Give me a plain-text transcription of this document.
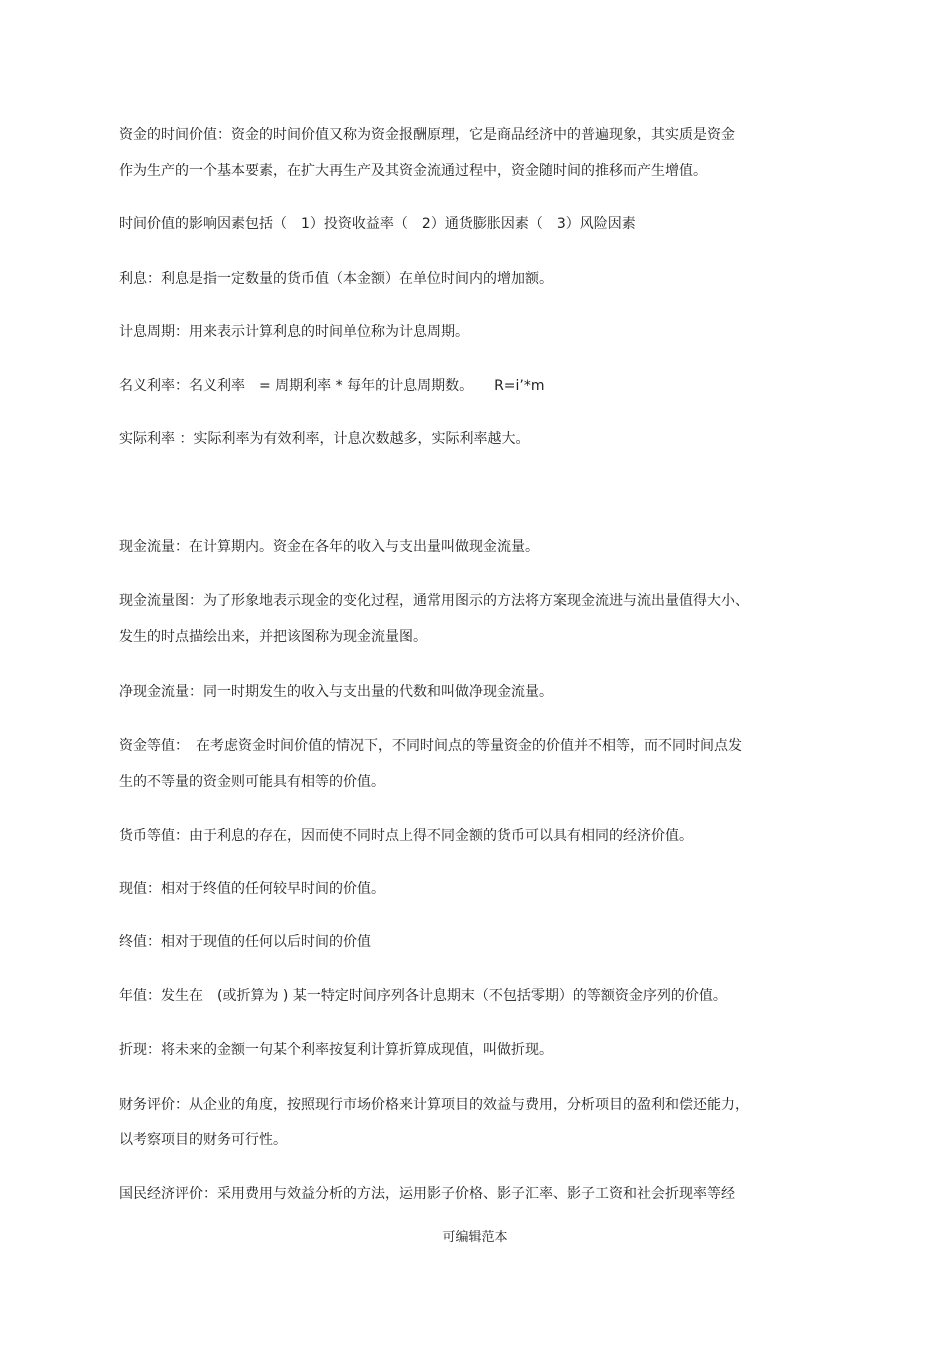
资金的时间价值：资金的时间价值又称为资金报酬原理，它是商品经济中的普遍现象，其实质是资金
作为生产的一个基本要素，在扩大再生产及其资金流通过程中，资金随时间的推移而产生增值。
时间价值的影响因素包括（　1）投资收益率（　2）通货膨胀因素（　3）风险因素
利息：利息是指一定数量的货币值（本金额）在单位时间内的增加额。
计息周期：用来表示计算利息的时间单位称为计息周期。
名义利率：名义利率　= 周期利率 * 每年的计息周期数。　　R=i’*m
实际利率 ：实际利率为有效利率，计息次数越多，实际利率越大。
现金流量：在计算期内。资金在各年的收入与支出量叫做现金流量。
现金流量图：为了形象地表示现金的变化过程，通常用图示的方法将方案现金流进与流出量值得大小、
发生的时点描绘出来，并把该图称为现金流量图。
净现金流量：同一时期发生的收入与支出量的代数和叫做净现金流量。
资金等值：　在考虑资金时间价值的情况下，不同时间点的等量资金的价值并不相等，而不同时间点发
生的不等量的资金则可能具有相等的价值。
货币等值：由于利息的存在，因而使不同时点上得不同金额的货币可以具有相同的经济价值。
现值：相对于终值的任何较早时间的价值。
终值：相对于现值的任何以后时间的价值
年值：发生在　(或折算为 ) 某一特定时间序列各计息期末（不包括零期）的等额资金序列的价值。
折现：将未来的金额一句某个利率按复利计算折算成现值，叫做折现。
财务评价：从企业的角度，按照现行市场价格来计算项目的效益与费用，分析项目的盈利和偿还能力，
以考察项目的财务可行性。
国民经济评价：采用费用与效益分析的方法，运用影子价格、影子汇率、影子工资和社会折现率等经
可编辑范本
